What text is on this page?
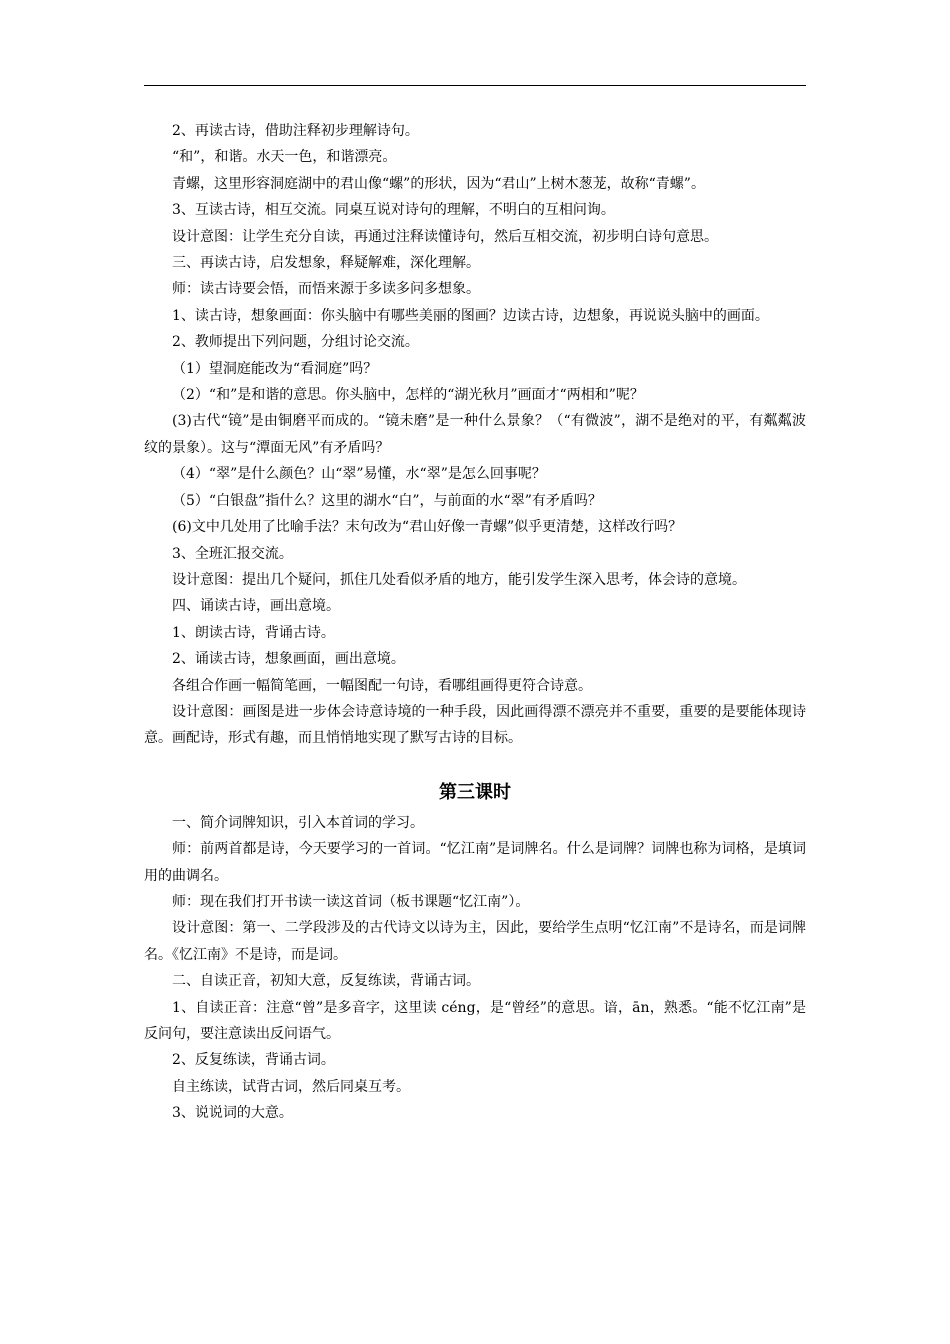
2、再读古诗，借助注释初步理解诗句。

“和”，和谐。水天一色，和谐漂亮。

青螺，这里形容洞庭湖中的君山像“螺”的形状，因为“君山”上树木葱茏，故称“青螺”。

3、互读古诗，相互交流。同桌互说对诗句的理解，不明白的互相问询。

设计意图：让学生充分自读，再通过注释读懂诗句，然后互相交流，初步明白诗句意思。

三、再读古诗，启发想象，释疑解难，深化理解。

师：读古诗要会悟，而悟来源于多读多问多想象。

1、读古诗，想象画面：你头脑中有哪些美丽的图画？边读古诗，边想象，再说说头脑中的画面。

2、教师提出下列问题，分组讨论交流。

（1）望洞庭能改为“看洞庭”吗？

（2）“和”是和谐的意思。你头脑中，怎样的“湖光秋月”画面才“两相和”呢？

(3)古代“镜”是由铜磨平而成的。“镜未磨”是一种什么景象？（“有微波”，湖不是绝对的平，有粼粼波纹的景象）。这与“潭面无风”有矛盾吗？

（4）“翠”是什么颜色？山“翠”易懂，水“翠”是怎么回事呢？

（5）“白银盘”指什么？这里的湖水“白”，与前面的水“翠”有矛盾吗？

(6)文中几处用了比喻手法？末句改为“君山好像一青螺”似乎更清楚，这样改行吗？

3、全班汇报交流。

设计意图：提出几个疑问，抓住几处看似矛盾的地方，能引发学生深入思考，体会诗的意境。

四、诵读古诗，画出意境。

1、朗读古诗，背诵古诗。

2、诵读古诗，想象画面，画出意境。

各组合作画一幅简笔画，一幅图配一句诗，看哪组画得更符合诗意。

设计意图：画图是进一步体会诗意诗境的一种手段，因此画得漂不漂亮并不重要，重要的是要能体现诗意。画配诗，形式有趣，而且悄悄地实现了默写古诗的目标。

第三课时

一、简介词牌知识，引入本首词的学习。

师：前两首都是诗，今天要学习的一首词。“忆江南”是词牌名。什么是词牌？词牌也称为词格，是填词用的曲调名。

师：现在我们打开书读一读这首词（板书课题“忆江南”）。

设计意图：第一、二学段涉及的古代诗文以诗为主，因此，要给学生点明“忆江南”不是诗名，而是词牌名。《忆江南》不是诗，而是词。

二、自读正音，初知大意，反复练读，背诵古词。

1、自读正音：注意“曾”是多音字，这里读 céng，是“曾经”的意思。谙，ān，熟悉。“能不忆江南”是反问句，要注意读出反问语气。

2、反复练读，背诵古词。

自主练读，试背古词，然后同桌互考。

3、说说词的大意。
